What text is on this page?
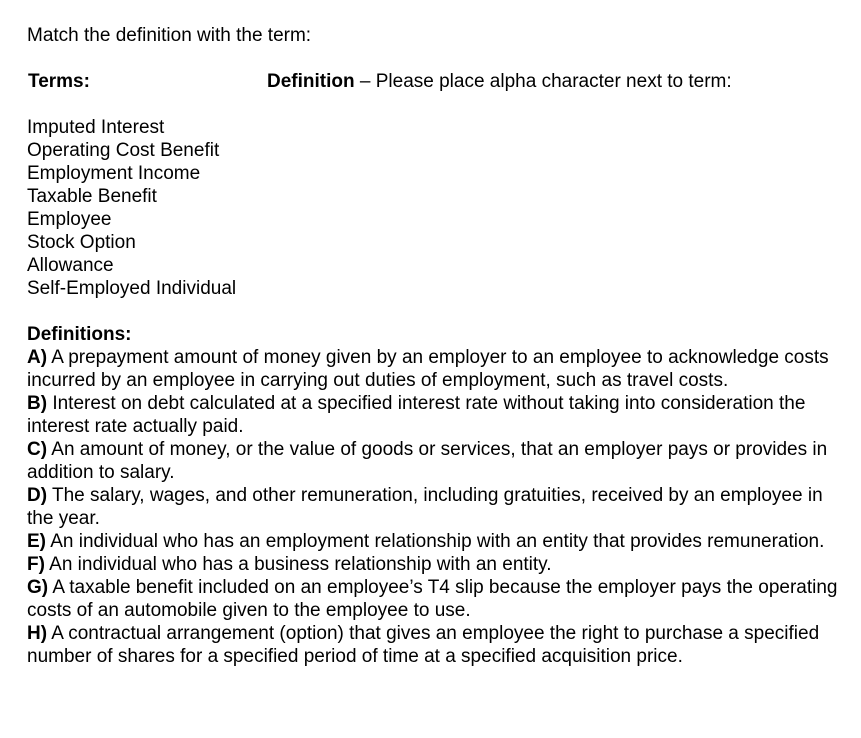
Match the definition with the term:

Terms:	Definition – Please place alpha character next to term:
Imputed Interest
Operating Cost Benefit
Employment Income
Taxable Benefit
Employee
Stock Option
Allowance
Self-Employed Individual
Definitions:
A) A prepayment amount of money given by an employer to an employee to acknowledge costs incurred by an employee in carrying out duties of employment, such as travel costs.
B) Interest on debt calculated at a specified interest rate without taking into consideration the interest rate actually paid.
C) An amount of money, or the value of goods or services, that an employer pays or provides in addition to salary.
D) The salary, wages, and other remuneration, including gratuities, received by an employee in the year.
E) An individual who has an employment relationship with an entity that provides remuneration.
F) An individual who has a business relationship with an entity.
G) A taxable benefit included on an employee’s T4 slip because the employer pays the operating costs of an automobile given to the employee to use.
H) A contractual arrangement (option) that gives an employee the right to purchase a specified number of shares for a specified period of time at a specified acquisition price.
